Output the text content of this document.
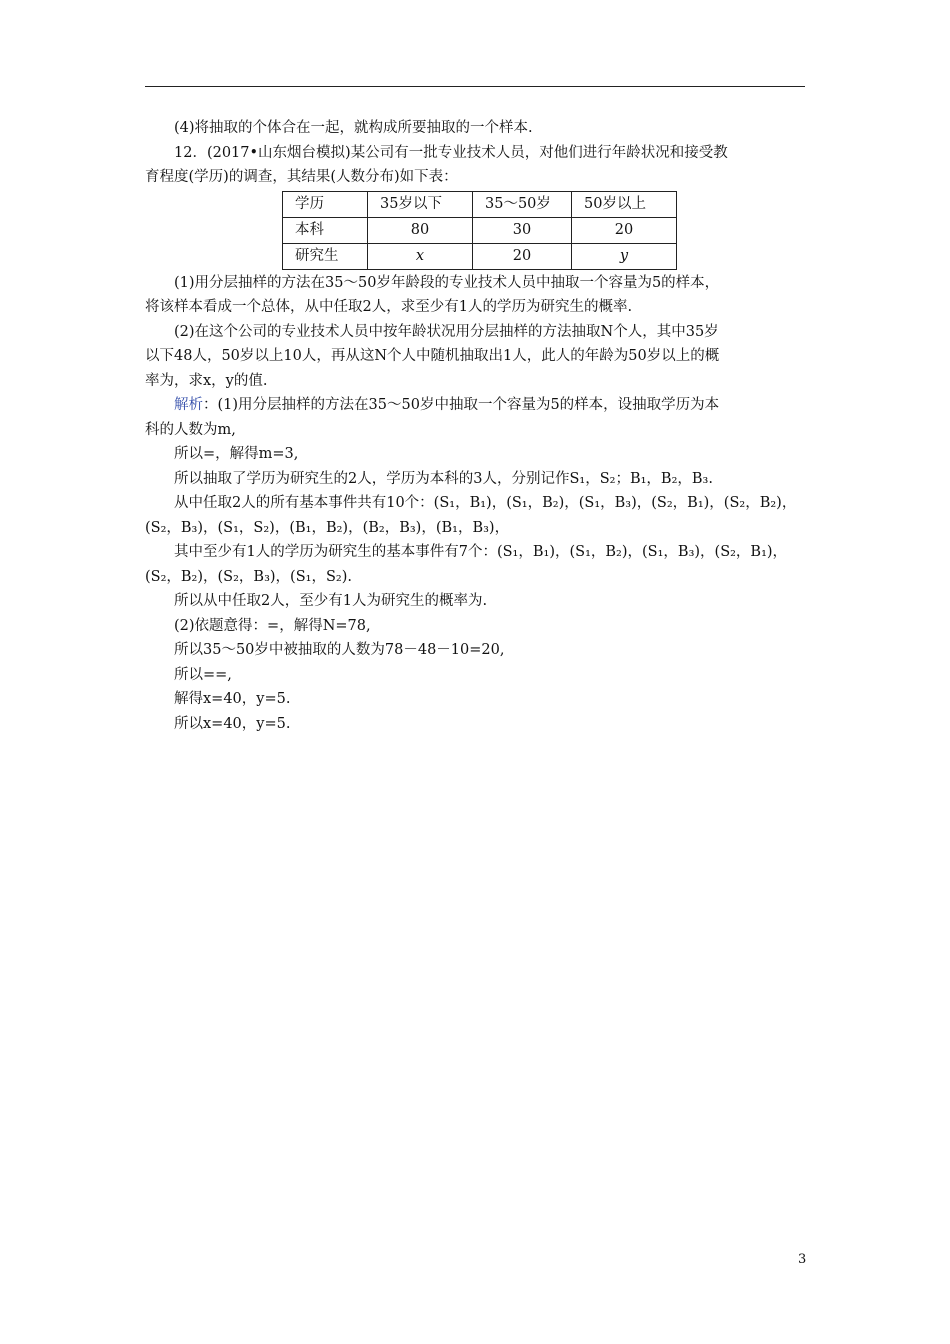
(4)将抽取的个体合在一起，就构成所要抽取的一个样本.

12．(2017•山东烟台模拟)某公司有一批专业技术人员，对他们进行年龄状况和接受教

育程度(学历)的调查，其结果(人数分布)如下表：

学历	35岁以下	35～50岁	50岁以上
本科	80	30	20
研究生	x	20	y

(1)用分层抽样的方法在35～50岁年龄段的专业技术人员中抽取一个容量为5的样本，

将该样本看成一个总体，从中任取2人，求至少有1人的学历为研究生的概率.

(2)在这个公司的专业技术人员中按年龄状况用分层抽样的方法抽取N个人，其中35岁

以下48人，50岁以上10人，再从这N个人中随机抽取出1人，此人的年龄为50岁以上的概

率为，求x，y的值.

解析：(1)用分层抽样的方法在35～50岁中抽取一个容量为5的样本，设抽取学历为本

科的人数为m,

所以=，解得m=3,

所以抽取了学历为研究生的2人，学历为本科的3人，分别记作S₁，S₂；B₁，B₂，B₃.

从中任取2人的所有基本事件共有10个：(S₁，B₁)，(S₁，B₂)，(S₁，B₃)，(S₂，B₁)，(S₂，B₂)，

(S₂，B₃)，(S₁，S₂)，(B₁，B₂)，(B₂，B₃)，(B₁，B₃)，

其中至少有1人的学历为研究生的基本事件有7个：(S₁，B₁)，(S₁，B₂)，(S₁，B₃)，(S₂，B₁)，

(S₂，B₂)，(S₂，B₃)，(S₁，S₂).

所以从中任取2人，至少有1人为研究生的概率为.

(2)依题意得：=，解得N=78,

所以35～50岁中被抽取的人数为78－48－10=20,

所以==,

解得x=40，y=5.

所以x=40，y=5.

3
